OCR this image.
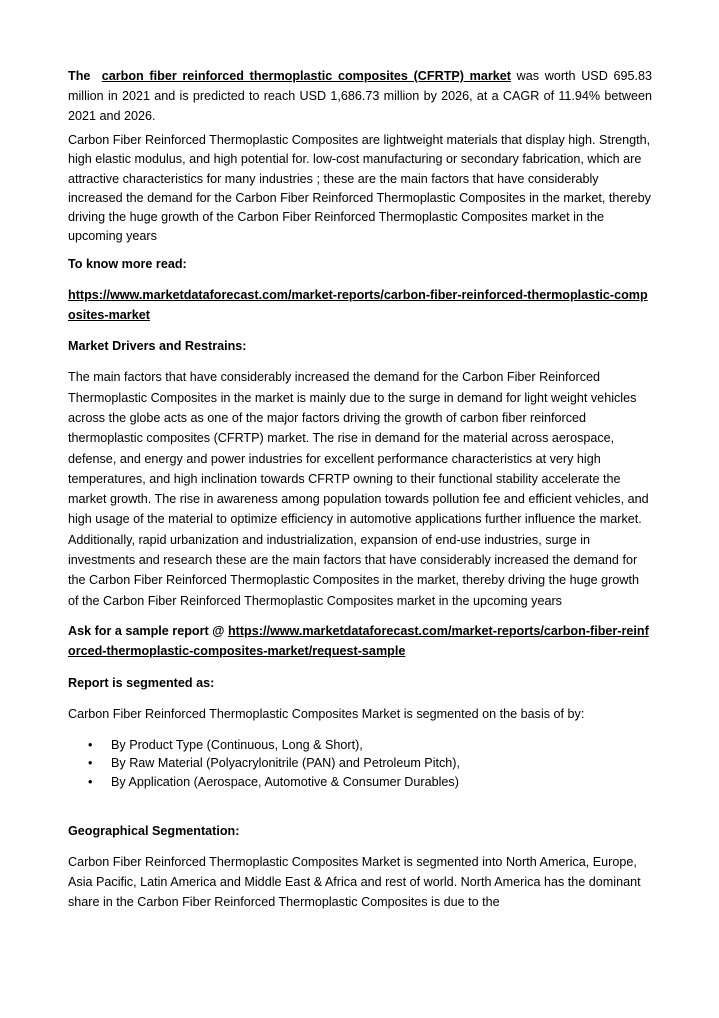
The carbon fiber reinforced thermoplastic composites (CFRTP) market was worth USD 695.83 million in 2021 and is predicted to reach USD 1,686.73 million by 2026, at a CAGR of 11.94% between 2021 and 2026.

Carbon Fiber Reinforced Thermoplastic Composites are lightweight materials that display high. Strength, high elastic modulus, and high potential for. low-cost manufacturing or secondary fabrication, which are attractive characteristics for many industries ; these are the main factors that have considerably increased the demand for the Carbon Fiber Reinforced Thermoplastic Composites in the market, thereby driving the huge growth of the Carbon Fiber Reinforced Thermoplastic Composites market in the upcoming years

To know more read:

https://www.marketdataforecast.com/market-reports/carbon-fiber-reinforced-thermoplastic-composites-market

Market Drivers and Restrains:

The main factors that have considerably increased the demand for the Carbon Fiber Reinforced Thermoplastic Composites in the market is mainly due to the surge in demand for light weight vehicles across the globe acts as one of the major factors driving the growth of carbon fiber reinforced thermoplastic composites (CFRTP) market. The rise in demand for the material across aerospace, defense, and energy and power industries for excellent performance characteristics at very high temperatures, and high inclination towards CFRTP owning to their functional stability accelerate the market growth. The rise in awareness among population towards pollution fee and efficient vehicles, and high usage of the material to optimize efficiency in automotive applications further influence the market. Additionally, rapid urbanization and industrialization, expansion of end-use industries, surge in investments and research these are the main factors that have considerably increased the demand for the Carbon Fiber Reinforced Thermoplastic Composites in the market, thereby driving the huge growth of the Carbon Fiber Reinforced Thermoplastic Composites market in the upcoming years

Ask for a sample report @ https://www.marketdataforecast.com/market-reports/carbon-fiber-reinforced-thermoplastic-composites-market/request-sample

Report is segmented as:

Carbon Fiber Reinforced Thermoplastic Composites Market is segmented on the basis of by:

• By Product Type (Continuous, Long & Short),
• By Raw Material (Polyacrylonitrile (PAN) and Petroleum Pitch),
• By Application (Aerospace, Automotive & Consumer Durables)

Geographical Segmentation:

Carbon Fiber Reinforced Thermoplastic Composites Market is segmented into North America, Europe, Asia Pacific, Latin America and Middle East & Africa and rest of world. North America has the dominant share in the Carbon Fiber Reinforced Thermoplastic Composites is due to the
